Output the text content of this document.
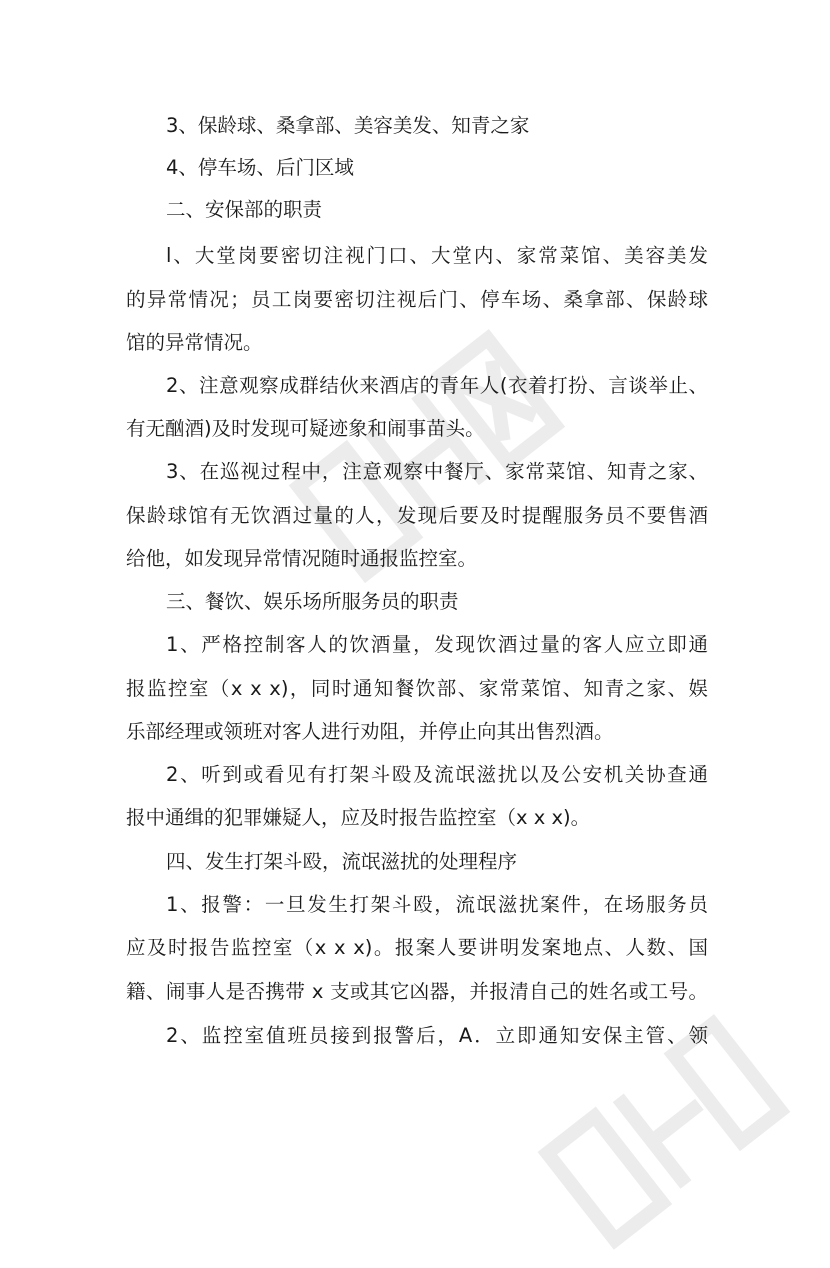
3、保龄球、桑拿部、美容美发、知青之家
4、停车场、后门区域
二、安保部的职责
l、大堂岗要密切注视门口、大堂内、家常菜馆、美容美发
的异常情况；员工岗要密切注视后门、停车场、桑拿部、保龄球
馆的异常情况。
2、注意观察成群结伙来酒店的青年人(衣着打扮、言谈举止、
有无酗酒)及时发现可疑迹象和闹事苗头。
3、在巡视过程中，注意观察中餐厅、家常菜馆、知青之家、
保龄球馆有无饮酒过量的人，发现后要及时提醒服务员不要售酒
给他，如发现异常情况随时通报监控室。
三、餐饮、娱乐场所服务员的职责
1、严格控制客人的饮酒量，发现饮酒过量的客人应立即通
报监控室（x x x)，同时通知餐饮部、家常菜馆、知青之家、娱
乐部经理或领班对客人进行劝阻，并停止向其出售烈酒。
2、听到或看见有打架斗殴及流氓滋扰以及公安机关协查通
报中通缉的犯罪嫌疑人，应及时报告监控室（x x x)。
四、发生打架斗殴，流氓滋扰的处理程序
1、报警：一旦发生打架斗殴，流氓滋扰案件，在场服务员
应及时报告监控室（x x x)。报案人要讲明发案地点、人数、国
籍、闹事人是否携带 x 支或其它凶器，并报清自己的姓名或工号。
2、监控室值班员接到报警后，A．立即通知安保主管、领
